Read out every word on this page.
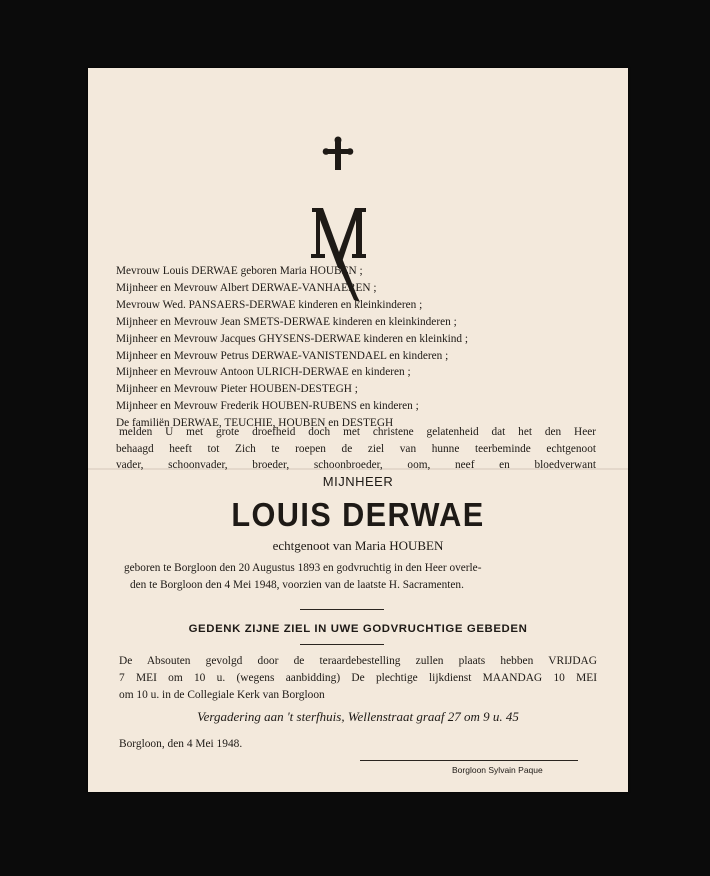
Mevrouw Louis DERWAE geboren Maria HOUBEN ;
Mijnheer en Mevrouw Albert DERWAE-VANHAEREN ;
Mevrouw Wed. PANSAERS-DERWAE kinderen en kleinkinderen ;
Mijnheer en Mevrouw Jean SMETS-DERWAE kinderen en kleinkinderen ;
Mijnheer en Mevrouw Jacques GHYSENS-DERWAE kinderen en kleinkind ;
Mijnheer en Mevrouw Petrus DERWAE-VANISTENDAEL en kinderen ;
Mijnheer en Mevrouw Antoon ULRICH-DERWAE en kinderen ;
Mijnheer en Mevrouw Pieter HOUBEN-DESTEGH ;
Mijnheer en Mevrouw Frederik HOUBEN-RUBENS en kinderen ;
De familiën DERWAE, TEUCHIE, HOUBEN en DESTEGH
melden U met grote droefheid doch met christene gelatenheid dat het den Heer
behaagd heeft tot Zich te roepen de ziel van hunne teerbeminde echtgenoot
vader, schoonvader, broeder, schoonbroeder, oom, neef en bloedverwant
MIJNHEER
LOUIS DERWAE
echtgenoot van Maria HOUBEN
geboren te Borgloon den 20 Augustus 1893 en godvruchtig in den Heer overle-
den te Borgloon den 4 Mei 1948, voorzien van de laatste H. Sacramenten.
GEDENK ZIJNE ZIEL IN UWE GODVRUCHTIGE GEBEDEN
De Absouten gevolgd door de teraardebestelling zullen plaats hebben VRIJDAG
7 MEI om 10 u. (wegens aanbidding) De plechtige lijkdienst MAANDAG 10 MEI
om 10 u. in de Collegiale Kerk van Borgloon
Vergadering aan 't sterfhuis, Wellenstraat graaf 27 om 9 u. 45
Borgloon, den 4 Mei 1948.
Borgloon Sylvain Paque
